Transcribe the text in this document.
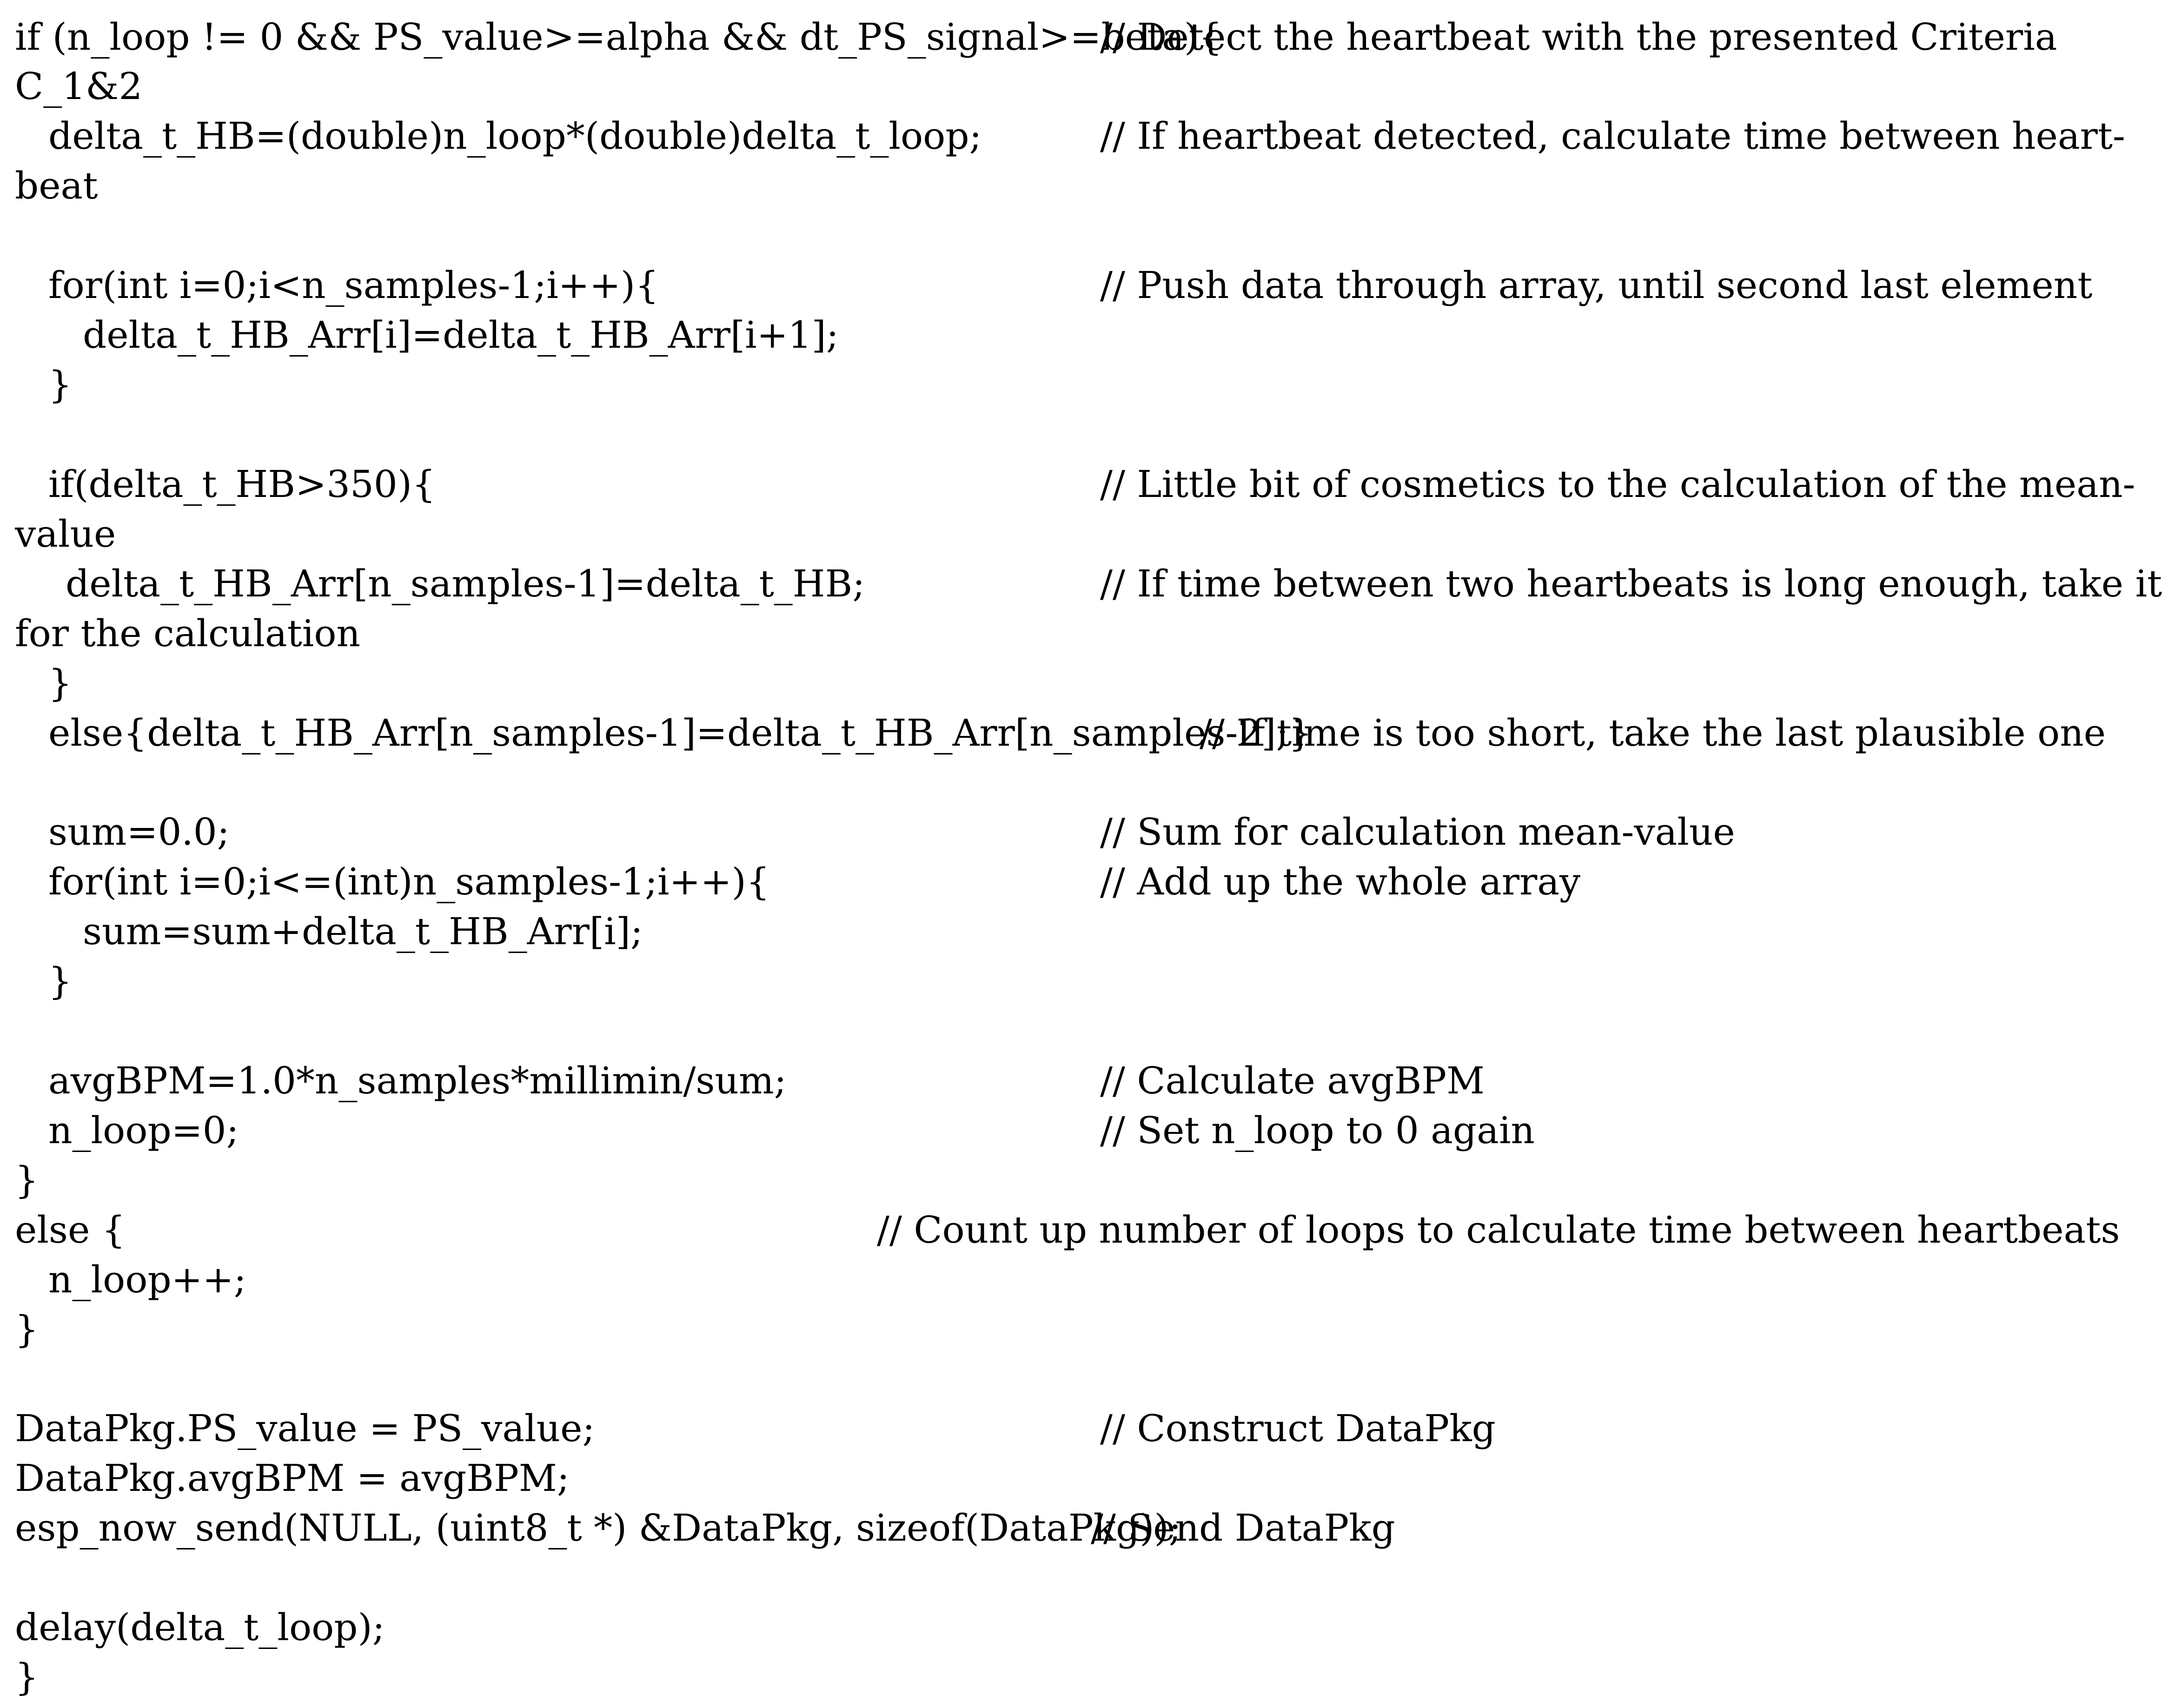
if (n_loop != 0 && PS_value>=alpha && dt_PS_signal>=beta){
// Detect the heartbeat with the presented Criteria
C_1&2
delta_t_HB=(double)n_loop*(double)delta_t_loop;	// If heartbeat detected, calculate time between heart-
beat
for(int i=0;i<n_samples-1;i++){	// Push data through array, until second last element
delta_t_HB_Arr[i]=delta_t_HB_Arr[i+1];
}
if(delta_t_HB>350){	// Little bit of cosmetics to the calculation of the mean-
value
delta_t_HB_Arr[n_samples-1]=delta_t_HB;	// If time between two heartbeats is long enough, take it
for the calculation
}
else{delta_t_HB_Arr[n_samples-1]=delta_t_HB_Arr[n_samples-2];}
// If time is too short, take the last plausible one
sum=0.0;	// Sum for calculation mean-value
for(int i=0;i<=(int)n_samples-1;i++){	// Add up the whole array
sum=sum+delta_t_HB_Arr[i];
}
avgBPM=1.0*n_samples*millimin/sum;	// Calculate avgBPM
n_loop=0;	// Set n_loop to 0 again
}
else {	// Count up number of loops to calculate time between heartbeats
n_loop++;
}
DataPkg.PS_value = PS_value;	// Construct DataPkg
DataPkg.avgBPM = avgBPM;
esp_now_send(NULL, (uint8_t *) &DataPkg, sizeof(DataPkg));
// Send DataPkg
delay(delta_t_loop);
}
